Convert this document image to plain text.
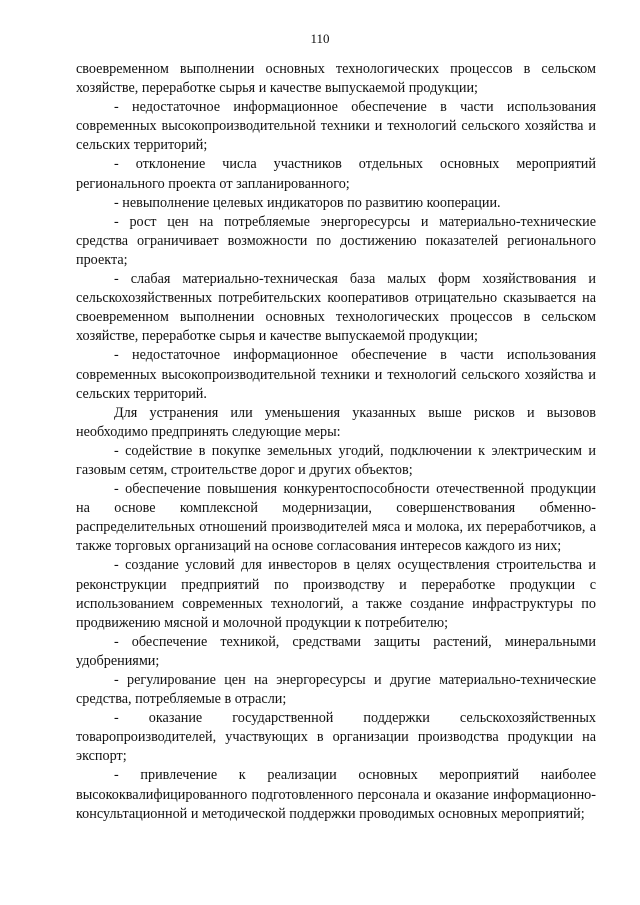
110

своевременном выполнении основных технологических процессов в сельском хозяйстве, переработке сырья и качестве выпускаемой продукции;

- недостаточное информационное обеспечение в части использования современных высокопроизводительной техники и технологий сельского хозяйства и сельских территорий;

- отклонение числа участников отдельных основных мероприятий регионального проекта от запланированного;

- невыполнение целевых индикаторов по развитию кооперации.

- рост цен на потребляемые энергоресурсы и материально-технические средства ограничивает возможности по достижению показателей регионального проекта;

- слабая материально-техническая база малых форм хозяйствования и сельскохозяйственных потребительских кооперативов отрицательно сказывается на своевременном выполнении основных технологических процессов в сельском хозяйстве, переработке сырья и качестве выпускаемой продукции;

- недостаточное информационное обеспечение в части использования современных высокопроизводительной техники и технологий сельского хозяйства и сельских территорий.

Для устранения или уменьшения указанных выше рисков и вызовов необходимо предпринять следующие меры:

- содействие в покупке земельных угодий, подключении к электрическим и газовым сетям, строительстве дорог и других объектов;

- обеспечение повышения конкурентоспособности отечественной продукции на основе комплексной модернизации, совершенствования обменно-распределительных отношений производителей мяса и молока, их переработчиков, а также торговых организаций на основе согласования интересов каждого из них;

- создание условий для инвесторов в целях осуществления строительства и реконструкции предприятий по производству и переработке продукции с использованием современных технологий, а также создание инфраструктуры по продвижению мясной и молочной продукции к потребителю;

- обеспечение техникой, средствами защиты растений, минеральными удобрениями;

- регулирование цен на энергоресурсы и другие материально-технические средства, потребляемые в отрасли;

- оказание государственной поддержки сельскохозяйственных товаропроизводителей, участвующих в организации производства продукции на экспорт;

- привлечение к реализации основных мероприятий наиболее высококвалифицированного подготовленного персонала и оказание информационно-консультационной и методической поддержки проводимых основных мероприятий;
